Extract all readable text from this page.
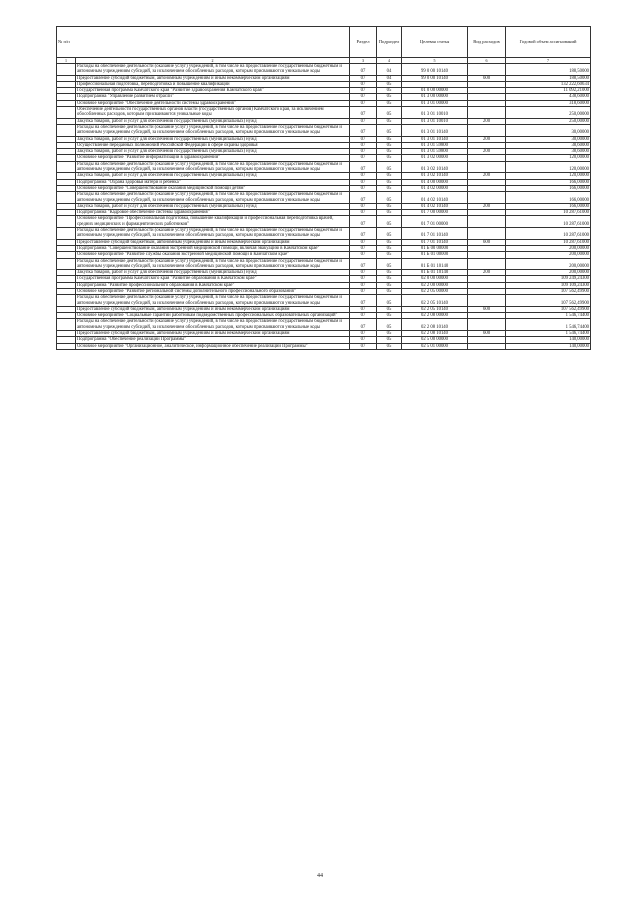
№ п/п		Раздел	Подраздел	Целевая статья	Вид расходов	Годовой объем ассигнований
1	2	3	4	5	6	7
	Расходы на обеспечение деятельности (оказание услуг) учреждений, в том числе на предоставление государственным бюджетным и автономным учреждениям субсидий, за исключением обособленных расходов, которым присваиваются уникальные коды	07	04	99 0 00 10140		188,50000
	Предоставление субсидий бюджетным, автономным учреждениям и иным некоммерческим организациям	07	04	99 0 00 10140	600	188,50000
	Профессиональная подготовка, переподготовка и повышение квалификации	07	05			132 222,60634
	Государственная программа Камчатского края "Развитие здравоохранения Камчатского края"	07	05	01 0 00 00000		11 092,21000
	Подпрограмма "Управление развитием отрасли"	07	05	01 3 00 00000		438,60000
	Основное мероприятие "Обеспечение деятельности системы здравоохранения"	07	05	01 3 01 00000		318,60000
	Обеспечение деятельности государственных органов власти (государственных органов) Камчатского края, за исключением обособленных расходов, которым присваиваются уникальные коды	07	05	01 3 01 10010		250,00000
	Закупка товаров, работ и услуг для обеспечения государственных (муниципальных) нужд	07	05	01 3 01 10010	200	250,00000
	Расходы на обеспечение деятельности (оказание услуг) учреждений, в том числе на предоставление государственным бюджетным и автономным учреждениям субсидий, за исключением обособленных расходов, которым присваиваются уникальные коды	07	05	01 3 01 10140		30,00000
	Закупка товаров, работ и услуг для обеспечения государственных (муниципальных) нужд	07	05	01 3 01 10140	200	30,00000
	Осуществление переданных полномочий Российской Федерации в сфере охраны здоровья	07	05	01 3 01 59800		38,60000
	Закупка товаров, работ и услуг для обеспечения государственных (муниципальных) нужд	07	05	01 3 01 59800	200	38,60000
	Основное мероприятие "Развитие информатизации в здравоохранении"	07	05	01 3 02 00000		120,00000
	Расходы на обеспечение деятельности (оказание услуг) учреждений, в том числе на предоставление государственным бюджетным и автономным учреждениям субсидий, за исключением обособленных расходов, которым присваиваются уникальные коды	07	05	01 3 02 10140		120,00000
	Закупка товаров, работ и услуг для обеспечения государственных (муниципальных) нужд	07	05	01 3 02 10140	200	120,00000
	Подпрограмма "Охрана здоровья матери и ребенка"	07	05	01 4 00 00000		166,00000
	Основное мероприятие "Совершенствование оказания медицинской помощи детям"	07	05	01 4 02 00000		166,00000
	Расходы на обеспечение деятельности (оказание услуг) учреждений, в том числе на предоставление государственным бюджетным и автономным учреждениям субсидий, за исключением обособленных расходов, которым присваиваются уникальные коды	07	05	01 4 02 10140		166,00000
	Закупка товаров, работ и услуг для обеспечения государственных (муниципальных) нужд	07	05	01 4 02 10140	200	166,00000
	Подпрограмма "Кадровое обеспечение системы здравоохранения"	07	05	01 7 00 00000		10 287,61000
	Основное мероприятие "Профессиональная подготовка, повышение квалификации и профессиональная переподготовка врачей, средних медицинских и фармацевтических работников"	07	05	01 7 01 00000		10 287,61000
	Расходы на обеспечение деятельности (оказание услуг) учреждений, в том числе на предоставление государственным бюджетным и автономным учреждениям субсидий, за исключением обособленных расходов, которым присваиваются уникальные коды	07	05	01 7 01 10140		10 287,61000
	Предоставление субсидий бюджетным, автономным учреждениям и иным некоммерческим организациям	07	05	01 7 01 10140	600	10 287,61000
	Подпрограмма "Совершенствование оказания экстренной медицинской помощи, включая эвакуацию в Камчатском крае"	07	05	01 Б 00 00000		200,00000
	Основное мероприятие "Развитие службы оказания экстренной медицинской помощи в Камчатском крае"	07	05	01 Б 01 00000		200,00000
	Расходы на обеспечение деятельности (оказание услуг) учреждений, в том числе на предоставление государственным бюджетным и автономным учреждениям субсидий, за исключением обособленных расходов, которым присваиваются уникальные коды	07	05	01 Б 01 10140		200,00000
	Закупка товаров, работ и услуг для обеспечения государственных (муниципальных) нужд	07	05	01 Б 01 10140	200	200,00000
	Государственная программа Камчатского края "Развитие образования в Камчатском крае"	07	05	02 0 00 00000		109 249,24300
	Подпрограмма "Развитие профессионального образования в Камчатском крае"	07	05	02 2 00 00000		109 109,24300
	Основное мероприятие "Развитие региональной системы дополнительного профессионального образования"	07	05	02 2 05 00000		107 562,49900
	Расходы на обеспечение деятельности (оказание услуг) учреждений, в том числе на предоставление государственным бюджетным и автономным учреждениям субсидий, за исключением обособленных расходов, которым присваиваются уникальные коды	07	05	02 2 05 10140		107 562,49900
	Предоставление субсидий бюджетным, автономным учреждениям и иным некоммерческим организациям	07	05	02 2 05 10140	600	107 562,49900
	Основное мероприятие "Социальные гарантии работникам подведомственных профессиональных образовательных организаций"	07	05	02 2 08 00000		1 546,74400
	Расходы на обеспечение деятельности (оказание услуг) учреждений, в том числе на предоставление государственным бюджетным и автономным учреждениям субсидий, за исключением обособленных расходов, которым присваиваются уникальные коды	07	05	02 2 08 10140		1 546,74400
	Предоставление субсидий бюджетным, автономным учреждениям и иным некоммерческим организациям	07	05	02 2 08 10140	600	1 546,74400
	Подпрограмма "Обеспечение реализации Программы"	07	05	02 5 00 00000		140,00000
	Основное мероприятие "Организационное, аналитическое, информационное обеспечение реализации Программы"	07	05	02 5 01 00000		140,00000
44
